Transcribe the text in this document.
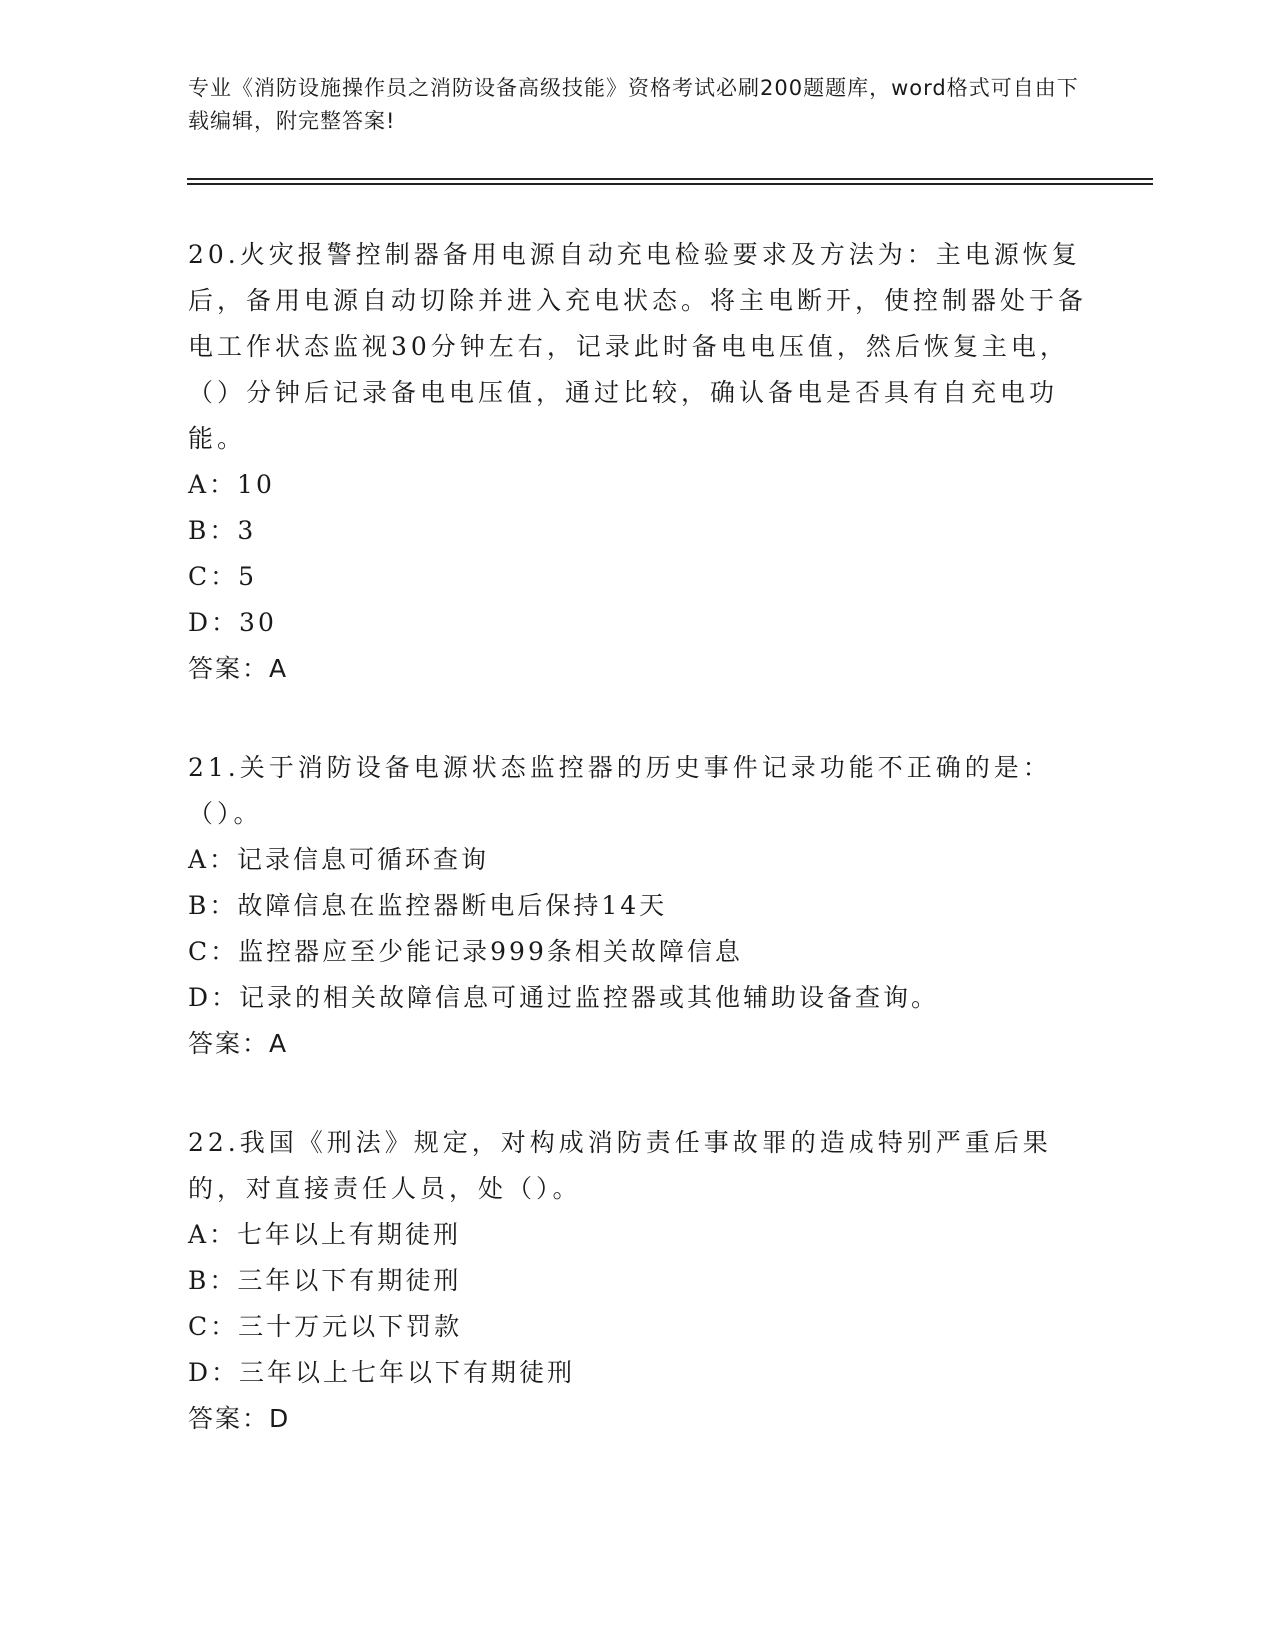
专业《消防设施操作员之消防设备高级技能》资格考试必刷200题题库，word格式可自由下载编辑，附完整答案!

20.火灾报警控制器备用电源自动充电检验要求及方法为：主电源恢复后，备用电源自动切除并进入充电状态。将主电断开，使控制器处于备电工作状态监视30分钟左右，记录此时备电电压值，然后恢复主电，（）分钟后记录备电电压值，通过比较，确认备电是否具有自充电功能。

A：10

B：3

C：5

D：30

答案：A

21.关于消防设备电源状态监控器的历史事件记录功能不正确的是：（）。

A：记录信息可循环查询

B：故障信息在监控器断电后保持14天

C：监控器应至少能记录999条相关故障信息

D：记录的相关故障信息可通过监控器或其他辅助设备查询。

答案：A

22.我国《刑法》规定，对构成消防责任事故罪的造成特别严重后果的，对直接责任人员，处（）。

A：七年以上有期徒刑

B：三年以下有期徒刑

C：三十万元以下罚款

D：三年以上七年以下有期徒刑

答案：D
